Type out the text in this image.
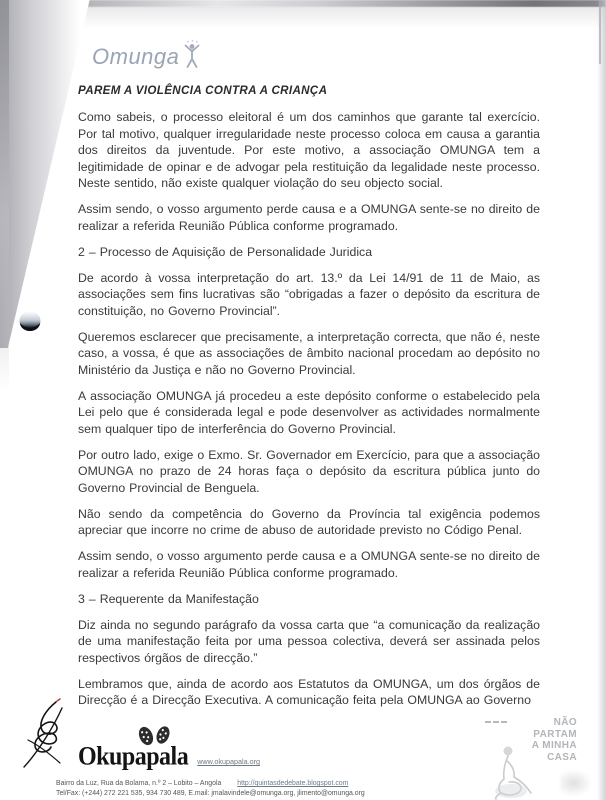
Omunga
PAREM A VIOLÊNCIA CONTRA A CRIANÇA

Como sabeis, o processo eleitoral é um dos caminhos que garante tal exercício. Por tal motivo, qualquer irregularidade neste processo coloca em causa a garantia dos direitos da juventude. Por este motivo, a associação OMUNGA tem a legitimidade de opinar e de advogar pela restituição da legalidade neste processo. Neste sentido, não existe qualquer violação do seu objecto social.

Assim sendo, o vosso argumento perde causa e a OMUNGA sente-se no direito de realizar a referida Reunião Pública conforme programado.

2 – Processo de Aquisição de Personalidade Juridica

De acordo à vossa interpretação do art. 13.º da Lei 14/91 de 11 de Maio, as associações sem fins lucrativas são “obrigadas a fazer o depósito da escritura de constituição, no Governo Provincial”.

Queremos esclarecer que precisamente, a interpretação correcta, que não é, neste caso, a vossa, é que as associações de âmbito nacional procedam ao depósito no Ministério da Justiça e não no Governo Provincial.

A associação OMUNGA já procedeu a este depósito conforme o estabelecido pela Lei pelo que é considerada legal e pode desenvolver as actividades normalmente sem qualquer tipo de interferência do Governo Provincial.

Por outro lado, exige o Exmo. Sr. Governador em Exercício, para que a associação OMUNGA no prazo de 24 horas faça o depósito da escritura pública junto do Governo Provincial de Benguela.

Não sendo da competência do Governo da Província tal exigência podemos apreciar que incorre no crime de abuso de autoridade previsto no Código Penal.

Assim sendo, o vosso argumento perde causa e a OMUNGA sente-se no direito de realizar a referida Reunião Pública conforme programado.

3 – Requerente da Manifestação

Diz ainda no segundo parágrafo da vossa carta que “a comunicação da realização de uma manifestação feita por uma pessoa colectiva, deverá ser assinada pelos respectivos órgãos de direcção.”

Lembramos que, ainda de acordo aos Estatutos da OMUNGA, um dos órgãos de Direcção é a Direcção Executiva. A comunicação feita pela OMUNGA ao Governo

Okupapala www.okupapala.org
Bairro da Luz, Rua da Bolama, n.º 2 – Lobito – Angola http://quintasdedebate.blogspot.com
Tel/Fax: (+244) 272 221 535, 934 730 489, E.mail: jmalavindele@omunga.org, jlimento@omunga.org
NÃO
PARTAM
A MINHA
CASA
